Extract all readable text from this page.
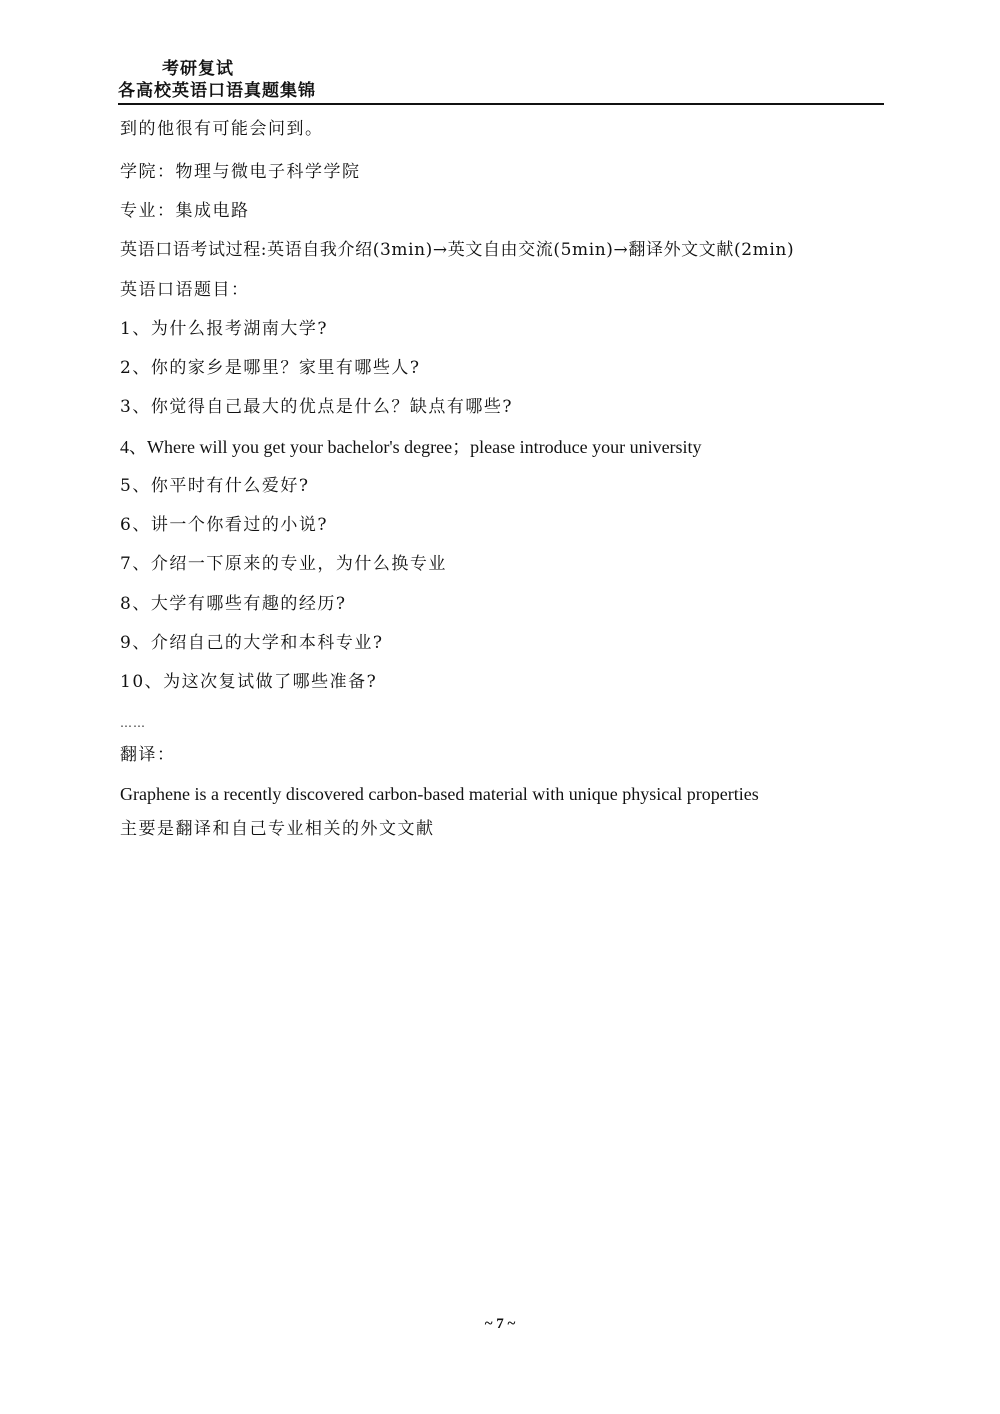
考研复试
各高校英语口语真题集锦
到的他很有可能会问到。
学院：物理与微电子科学学院
专业：集成电路
英语口语考试过程:英语自我介绍(3min)→英文自由交流(5min)→翻译外文文献(2min)
英语口语题目：
1、为什么报考湖南大学?
2、你的家乡是哪里？家里有哪些人?
3、你觉得自己最大的优点是什么？缺点有哪些?
4、Where will you get your bachelor's degree；please introduce your university
5、你平时有什么爱好?
6、讲一个你看过的小说?
7、介绍一下原来的专业，为什么换专业
8、大学有哪些有趣的经历?
9、介绍自己的大学和本科专业?
10、为这次复试做了哪些准备?
……
翻译：
Graphene is a recently discovered carbon-based material with unique physical properties
主要是翻译和自己专业相关的外文文献
~ 7 ~
